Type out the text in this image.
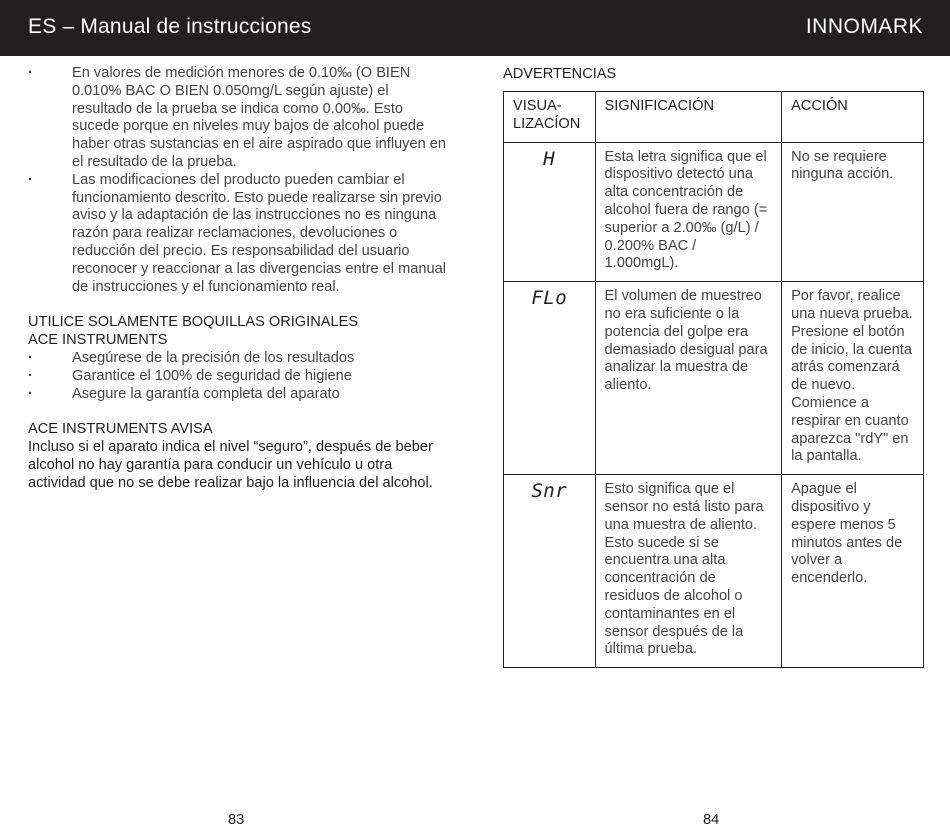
ES – Manual de instrucciones	INNOMARK
· En valores de medición menores de 0.10‰ (O BIEN 0.010% BAC O BIEN 0.050mg/L según ajuste) el resultado de la prueba se indica como 0.00‰. Esto sucede porque en niveles muy bajos de alcohol puede haber otras sustancias en el aire aspirado que influyen en el resultado de la prueba.
· Las modificaciones del producto pueden cambiar el funcionamiento descrito. Esto puede realizarse sin previo aviso y la adaptación de las instrucciones no es ninguna razón para realizar reclamaciones, devoluciones o reducción del precio. Es responsabilidad del usuario reconocer y reaccionar a las divergencias entre el manual de instrucciones y el funcionamiento real.

UTILICE SOLAMENTE BOQUILLAS ORIGINALES

ACE INSTRUMENTS

· Asegúrese de la precisión de los resultados
· Garantice el 100% de seguridad de higiene
· Asegure la garantía completa del aparato

ACE INSTRUMENTS AVISA

Incluso si el aparato indica el nivel “seguro”, después de beber alcohol no hay garantía para conducir un vehículo u otra actividad que no se debe realizar bajo la influencia del alcohol.

ADVERTENCIAS

VISUA-
LIZACÍON	SIGNIFICACIÓN	ACCIÓN

H	Esta letra significa que el dispositivo detectó una alta concentración de alcohol fuera de rango (= superior a 2.00‰ (g/L) / 0.200% BAC / 1.000mgL).	No se requiere ninguna acción.

FLo	El volumen de muestreo no era suficiente o la potencia del golpe era demasiado desigual para analizar la muestra de aliento.	Por favor, realice una nueva prueba. Presione el botón de inicio, la cuenta atrás comenzará de nuevo. Comience a respirar en cuanto aparezca "rdY" en la pantalla.

Snr	Esto significa que el sensor no está listo para una muestra de aliento. Esto sucede si se encuentra una alta concentración de residuos de alcohol o contaminantes en el sensor después de la última prueba.	Apague el dispositivo y espere menos 5 minutos antes de volver a encenderlo.
83	84
